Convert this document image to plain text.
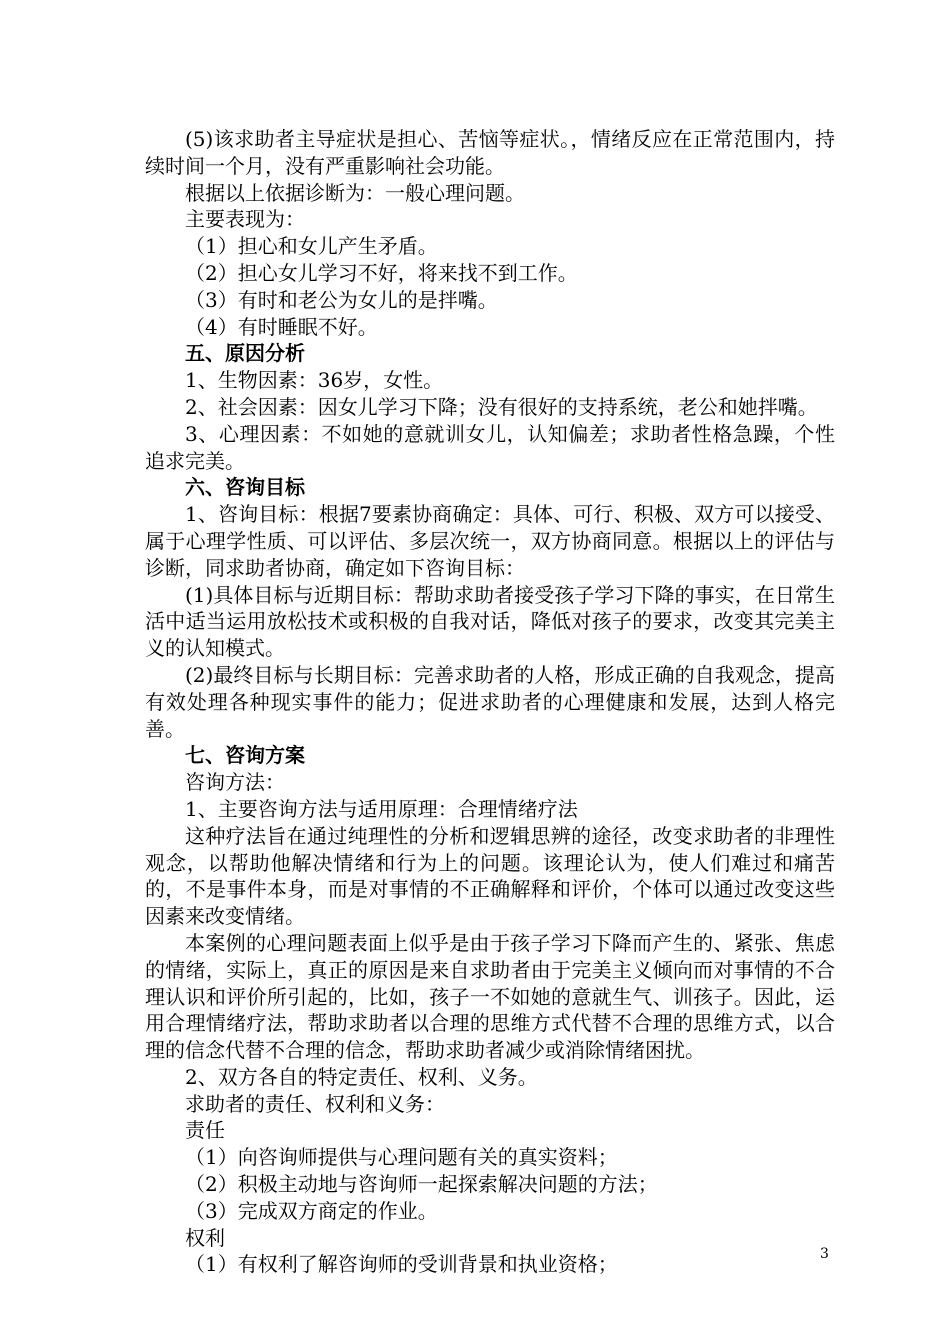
(5)该求助者主导症状是担心、苦恼等症状。，情绪反应在正常范围内，持续时间一个月，没有严重影响社会功能。

根据以上依据诊断为：一般心理问题。

主要表现为：

（1）担心和女儿产生矛盾。

（2）担心女儿学习不好，将来找不到工作。

（3）有时和老公为女儿的是拌嘴。

（4）有时睡眠不好。

五、原因分析

1、生物因素：36岁，女性。

2、社会因素：因女儿学习下降；没有很好的支持系统，老公和她拌嘴。

3、心理因素：不如她的意就训女儿，认知偏差；求助者性格急躁，个性追求完美。

六、咨询目标

1、咨询目标：根据7要素协商确定：具体、可行、积极、双方可以接受、属于心理学性质、可以评估、多层次统一，双方协商同意。根据以上的评估与诊断，同求助者协商，确定如下咨询目标：

(1)具体目标与近期目标：帮助求助者接受孩子学习下降的事实，在日常生活中适当运用放松技术或积极的自我对话，降低对孩子的要求，改变其完美主义的认知模式。

(2)最终目标与长期目标：完善求助者的人格，形成正确的自我观念，提高有效处理各种现实事件的能力；促进求助者的心理健康和发展，达到人格完善。

七、咨询方案

咨询方法：

1、主要咨询方法与适用原理：合理情绪疗法

这种疗法旨在通过纯理性的分析和逻辑思辨的途径，改变求助者的非理性观念，以帮助他解决情绪和行为上的问题。该理论认为，使人们难过和痛苦的，不是事件本身，而是对事情的不正确解释和评价，个体可以通过改变这些因素来改变情绪。

本案例的心理问题表面上似乎是由于孩子学习下降而产生的、紧张、焦虑的情绪，实际上，真正的原因是来自求助者由于完美主义倾向而对事情的不合理认识和评价所引起的，比如，孩子一不如她的意就生气、训孩子。因此，运用合理情绪疗法，帮助求助者以合理的思维方式代替不合理的思维方式，以合理的信念代替不合理的信念，帮助求助者减少或消除情绪困扰。

2、双方各自的特定责任、权利、义务。

求助者的责任、权利和义务：

责任

（1）向咨询师提供与心理问题有关的真实资料；

（2）积极主动地与咨询师一起探索解决问题的方法；

（3）完成双方商定的作业。

权利

（1）有权利了解咨询师的受训背景和执业资格；	3
